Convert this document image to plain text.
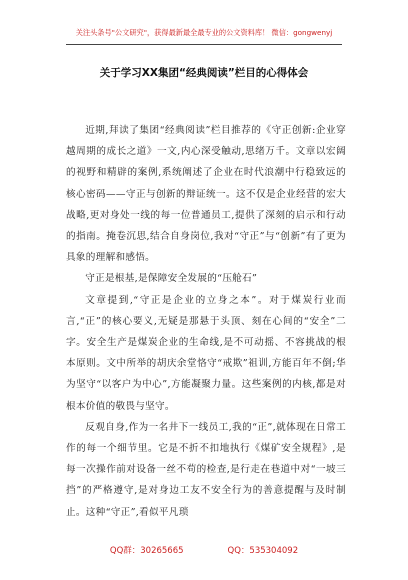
关注头条号"公文研究"，获得最新最全最专业的公文资料库！ 微信：gongwenyj
关于学习XX集团“经典阅读”栏目的心得体会

近期,拜读了集团“经典阅读”栏目推荐的《守正创新:企业穿越周期的成长之道》一文,内心深受触动,思绪万千。文章以宏阔的视野和精辟的案例,系统阐述了企业在时代浪潮中行稳致远的核心密码——守正与创新的辩证统一。这不仅是企业经营的宏大战略,更对身处一线的每一位普通员工,提供了深刻的启示和行动的指南。掩卷沉思,结合自身岗位,我对“守正”与“创新”有了更为具象的理解和感悟。

守正是根基,是保障安全发展的“压舱石”

文章提到,“守正是企业的立身之本”。对于煤炭行业而言,“正”的核心要义,无疑是那悬于头顶、刻在心间的“安全”二字。安全生产是煤炭企业的生命线,是不可动摇、不容挑战的根本原则。文中所举的胡庆余堂恪守“戒欺”祖训,方能百年不倒;华为坚守“以客户为中心”,方能凝聚力量。这些案例的内核,都是对根本价值的敬畏与坚守。

反观自身,作为一名井下一线员工,我的“正”,就体现在日常工作的每一个细节里。它是不折不扣地执行《煤矿安全规程》,是每一次操作前对设备一丝不苟的检查,是行走在巷道中对“一坡三挡”的严格遵守,是对身边工友不安全行为的善意提醒与及时制止。这种“守正”,看似平凡琐

QQ群：30265665	QQ：535304092
